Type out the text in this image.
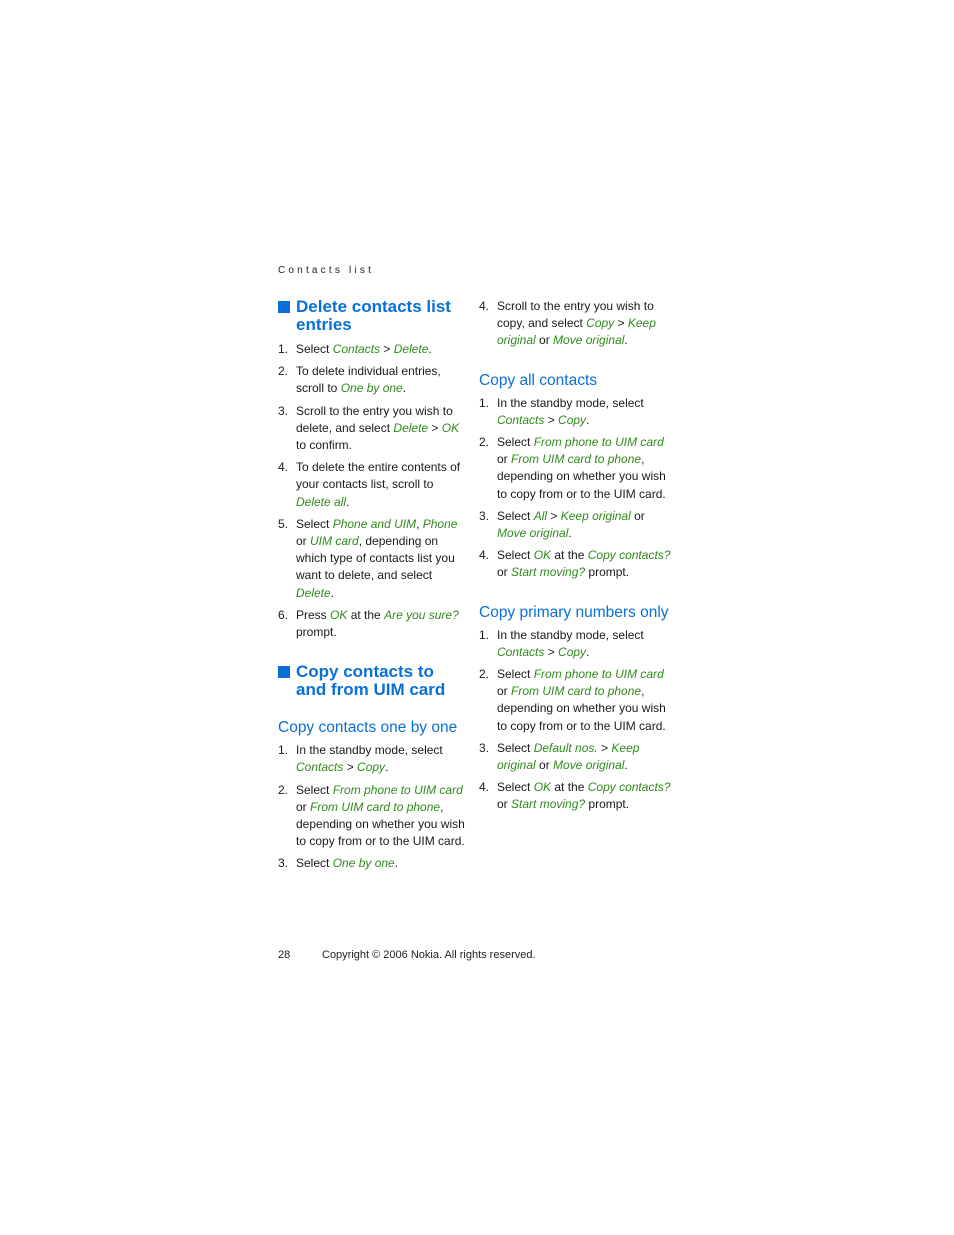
Contacts list
Delete contacts list entries
1. Select Contacts > Delete.
2. To delete individual entries, scroll to One by one.
3. Scroll to the entry you wish to delete, and select Delete > OK to confirm.
4. To delete the entire contents of your contacts list, scroll to Delete all.
5. Select Phone and UIM, Phone or UIM card, depending on which type of contacts list you want to delete, and select Delete.
6. Press OK at the Are you sure? prompt.
Copy contacts to and from UIM card
Copy contacts one by one
1. In the standby mode, select Contacts > Copy.
2. Select From phone to UIM card or From UIM card to phone, depending on whether you wish to copy from or to the UIM card.
3. Select One by one.
4. Scroll to the entry you wish to copy, and select Copy > Keep original or Move original.
Copy all contacts
1. In the standby mode, select Contacts > Copy.
2. Select From phone to UIM card or From UIM card to phone, depending on whether you wish to copy from or to the UIM card.
3. Select All > Keep original or Move original.
4. Select OK at the Copy contacts? or Start moving? prompt.
Copy primary numbers only
1. In the standby mode, select Contacts > Copy.
2. Select From phone to UIM card or From UIM card to phone, depending on whether you wish to copy from or to the UIM card.
3. Select Default nos. > Keep original or Move original.
4. Select OK at the Copy contacts? or Start moving? prompt.
28	Copyright © 2006 Nokia. All rights reserved.
